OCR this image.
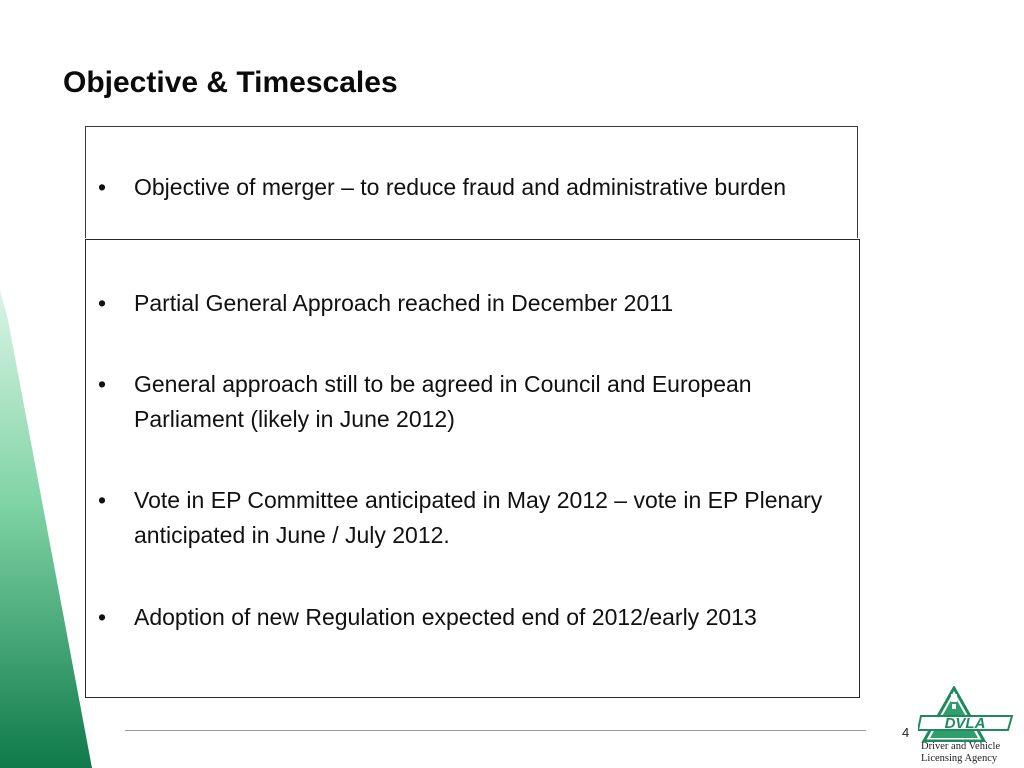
Objective & Timescales
•	Objective of merger – to reduce fraud and administrative burden
•	Partial General Approach reached in December 2011
•	General approach still to be agreed in Council and European Parliament (likely in June 2012)
•	Vote in EP Committee anticipated in May 2012 – vote in EP Plenary anticipated in June / July 2012.
•	Adoption of new Regulation expected end of 2012/early 2013
4
DVLA
Driver and Vehicle
Licensing Agency
